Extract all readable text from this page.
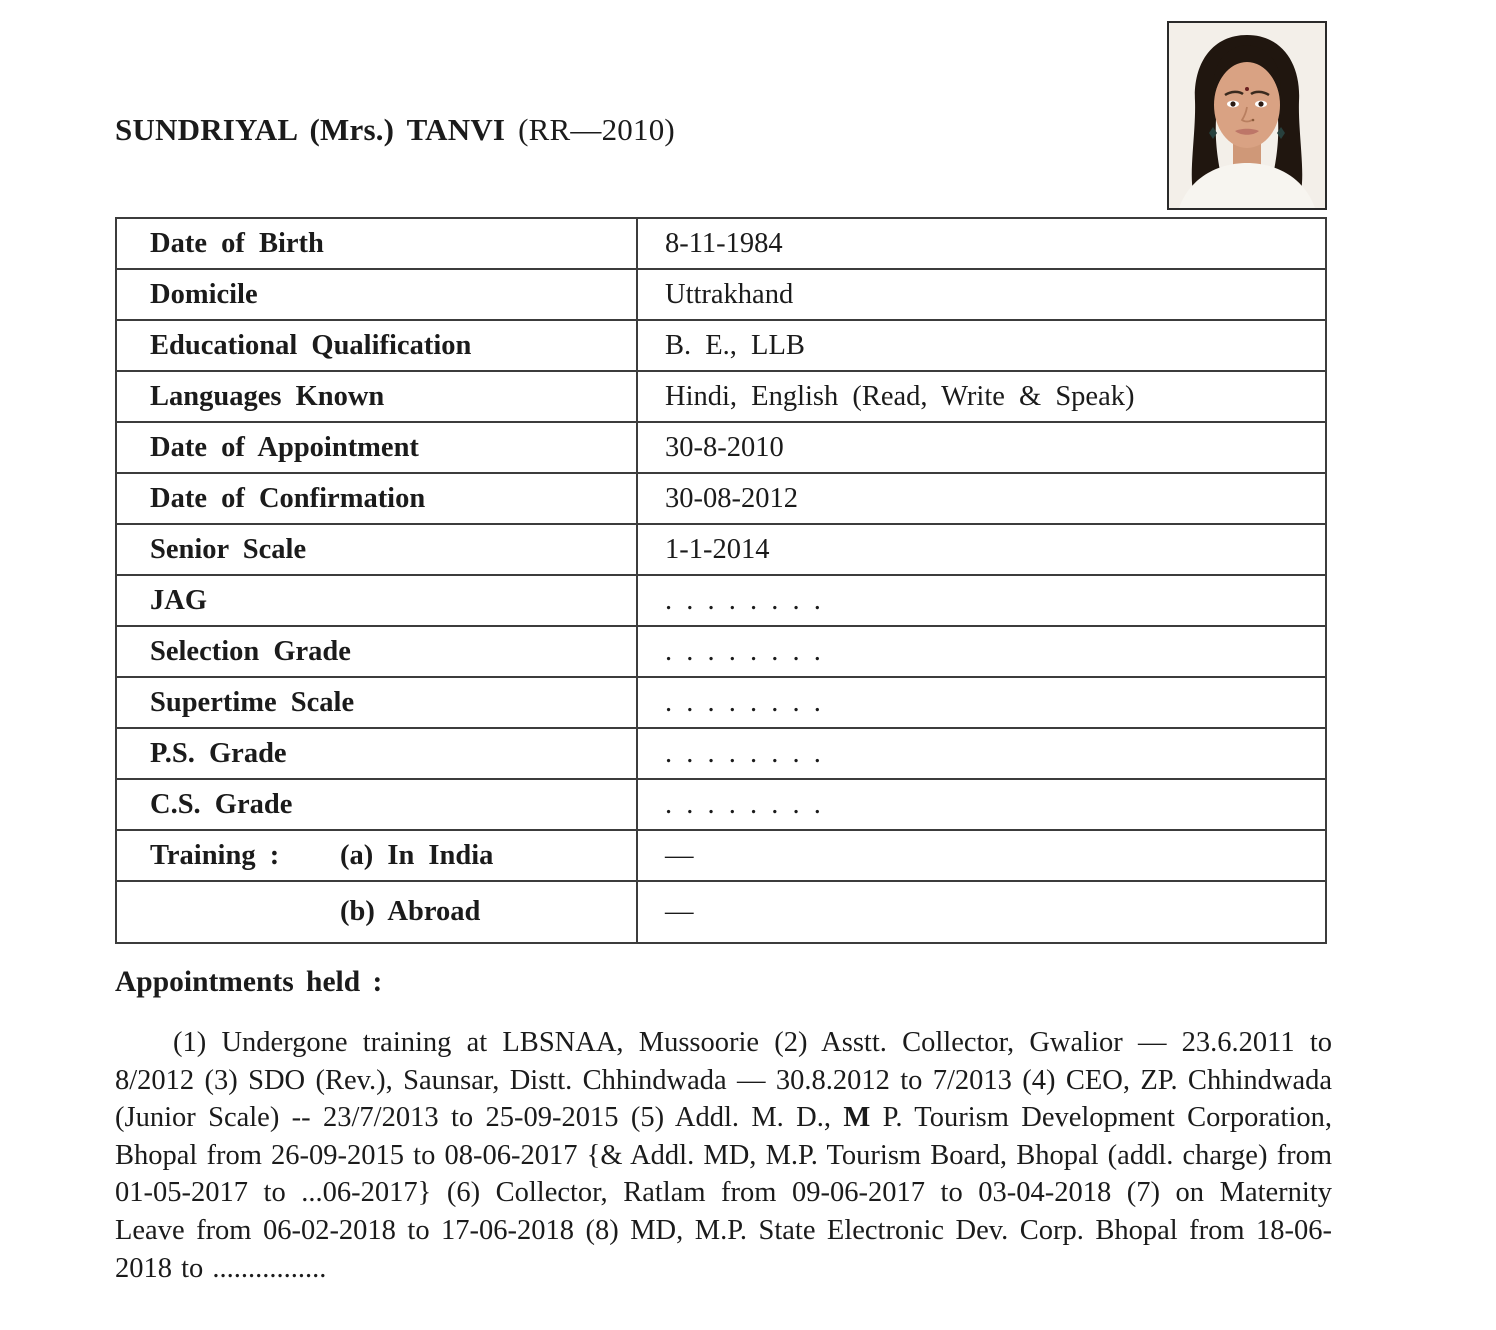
SUNDRIYAL (Mrs.) TANVI (RR—2010)
Date of Birth	8-11-1984
Domicile	Uttrakhand
Educational Qualification	B. E., LLB
Languages Known	Hindi, English (Read, Write & Speak)
Date of Appointment	30-8-2010
Date of Confirmation	30-08-2012
Senior Scale	1-1-2014
JAG	. . . . . . . .
Selection Grade	. . . . . . . .
Supertime Scale	. . . . . . . .
P.S. Grade	. . . . . . . .
C.S. Grade	. . . . . . . .
Training : (a) In India	—
(b) Abroad	—
Appointments held :
(1) Undergone training at LBSNAA, Mussoorie (2) Asstt. Collector, Gwalior — 23.6.2011 to 8/2012 (3) SDO (Rev.), Saunsar, Distt. Chhindwada — 30.8.2012 to 7/2013 (4) CEO, ZP. Chhindwada (Junior Scale) -- 23/7/2013 to 25-09-2015 (5) Addl. M. D., M P. Tourism Development Corporation, Bhopal from 26-09-2015 to 08-06-2017 {& Addl. MD, M.P. Tourism Board, Bhopal (addl. charge) from 01-05-2017 to ...06-2017} (6) Collector, Ratlam from 09-06-2017 to 03-04-2018 (7) on Maternity Leave from 06-02-2018 to 17-06-2018 (8) MD, M.P. State Electronic Dev. Corp. Bhopal from 18-06-2018 to ................
